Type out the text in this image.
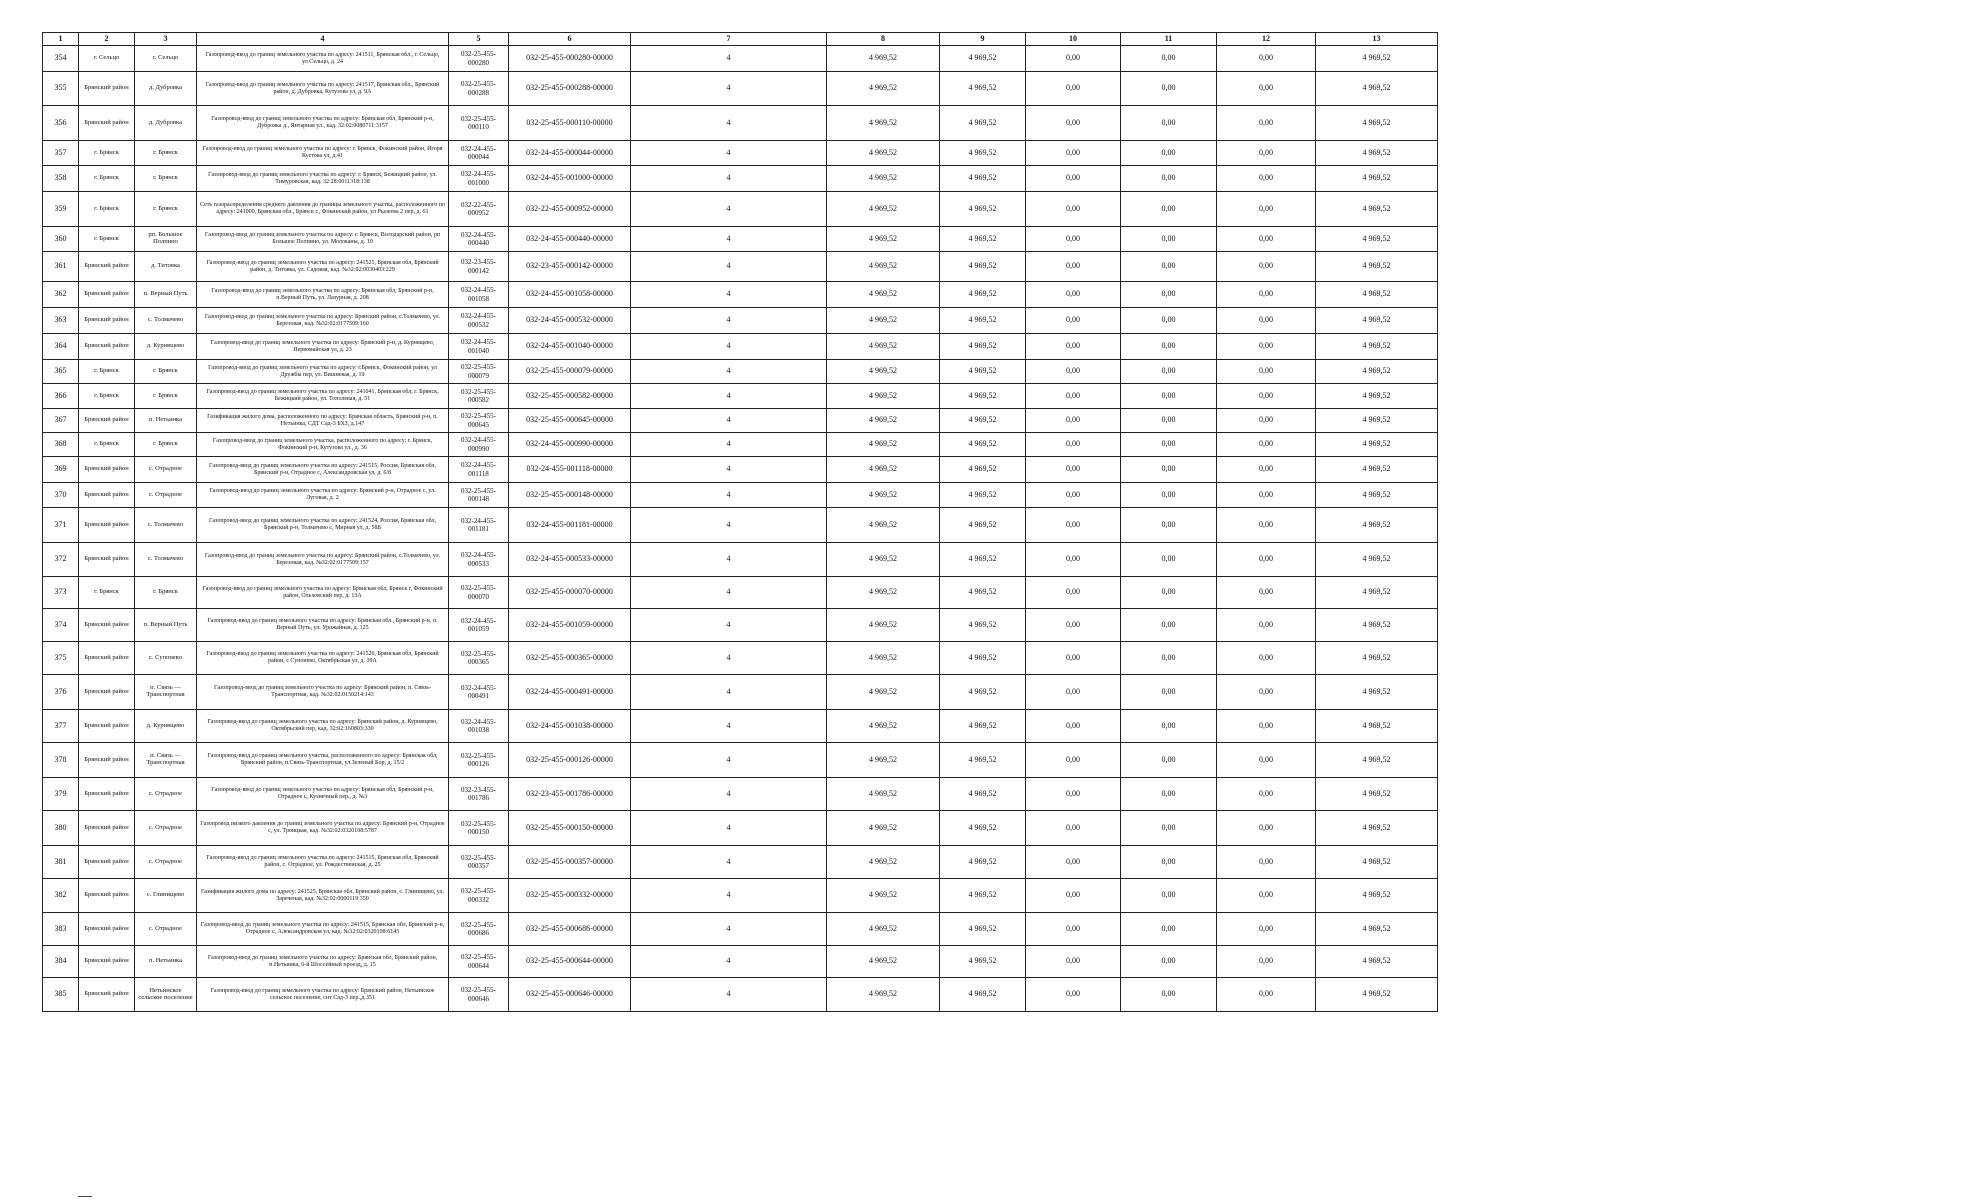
1	2	3	4	5	6	7	8	9	10	11	12	13
354	г. Сельцо	г. Сельцо	Газопровод-ввод до границ земельного участка по адресу: 241511, Брянская обл., г. Сельцо, ул.Сельцо, д. 24	032-25-455-000280	032-25-455-000280-00000	4	4 969,52	4 969,52	0,00	0,00	0,00	4 969,52
355	Брянский район	д. Дубровка	Газопровод-ввод до границ земельного участка по адресу: 241517, Брянская обл., Брянский район, д. Дубровка, Кутузова ул, д. 9А	032-25-455-000288	032-25-455-000288-00000	4	4 969,52	4 969,52	0,00	0,00	0,00	4 969,52
356	Брянский район	д. Дубровка	Газопровод-ввод до границ земельного участка по адресу: Брянская обл, Брянский р-н, Дубровка д., Янтарная ул., кад. 32:02:0080711:3157	032-25-455-000110	032-25-455-000110-00000	4	4 969,52	4 969,52	0,00	0,00	0,00	4 969,52
357	г. Брянск	г. Брянск	Газопровод-ввод до границ земельного участка по адресу: г. Брянск, Фокинский район, Игоря Кустова ул, д.41	032-24-455-000044	032-24-455-000044-00000	4	4 969,52	4 969,52	0,00	0,00	0,00	4 969,52
358	г. Брянск	г. Брянск	Газопровод-ввод до границ земельного участка по адресу: г. Брянск, Бежицкий район, ул. Тимуровская, кад. 32:28:0011318:138	032-24-455-001000	032-24-455-001000-00000	4	4 969,52	4 969,52	0,00	0,00	0,00	4 969,52
359	г. Брянск	г. Брянск	Сеть газораспределения среднего давления до границы земельного участка, расположенного по адресу: 241000, Брянская обл., Брянск г., Фокинский район, ул Рылеева 2 пер, д. 61	032-22-455-000952	032-22-455-000952-00000	4	4 969,52	4 969,52	0,00	0,00	0,00	4 969,52
360	г. Брянск	рп. Большое Полпино	Газопровод-ввод до границ земельного участка по адресу: г. Брянск, Володарский район, рп Большое Полпино, ул. Молоканы, д. 10	032-24-455-000440	032-24-455-000440-00000	4	4 969,52	4 969,52	0,00	0,00	0,00	4 969,52
361	Брянский район	д. Титовка	Газопровод-ввод до границ земельного участка по адресу: 241521, Брянская обл, Брянский район, д. Титовка, ул. Садовая, кад. №32:02:0030403:229	032-23-455-000142	032-23-455-000142-00000	4	4 969,52	4 969,52	0,00	0,00	0,00	4 969,52
362	Брянский район	п. Верный Путь	Газопровод-ввод до границ земельного участка по адресу: Брянская обл, Брянский р-н, п.Верный Путь, ул. Лазурная, д. 208	032-24-455-001058	032-24-455-001058-00000	4	4 969,52	4 969,52	0,00	0,00	0,00	4 969,52
363	Брянский район	с. Толмачево	Газопровод-ввод до границ земельного участка по адресу: Брянский район, с.Толмачево, ул. Березовая, кад. №32:02:0177509:160	032-24-455-000532	032-24-455-000532-00000	4	4 969,52	4 969,52	0,00	0,00	0,00	4 969,52
364	Брянский район	д. Курнвщево	Газопровод-ввод до границ земельного участка по адресу: Брянский р-н, д. Курнвщево, Первомайская ул, д. 23	032-24-455-001040	032-24-455-001040-00000	4	4 969,52	4 969,52	0,00	0,00	0,00	4 969,52
365	г. Брянск	г. Брянск	Газопровод-ввод до границ земельного участка по адресу: г.Брянск, Фокинский район, ул Дружбы пер, ул. Вишневая, д. 19	032-25-455-000079	032-25-455-000079-00000	4	4 969,52	4 969,52	0,00	0,00	0,00	4 969,52
366	г. Брянск	г. Брянск	Газопровод-ввод до границ земельного участка по адресу: 241041, Брянская обл, г. Брянск, Бежицкий район, ул. Тополевая, д. 51	032-25-455-000582	032-25-455-000582-00000	4	4 969,52	4 969,52	0,00	0,00	0,00	4 969,52
367	Брянский район	п. Нетьинка	Газификация жилого дома, расположенного по адресу: Брянская область, Брянский р-н, п. Нетьинка, СДТ Сад-3 БХЗ, д.147	032-25-455-000645	032-25-455-000645-00000	4	4 969,52	4 969,52	0,00	0,00	0,00	4 969,52
368	г. Брянск	г. Брянск	Газопровод-ввод до границ земельного участка, расположенного по адресу: г. Брянск, Фокинский р-н, Кутузова ул., д. 36	032-24-455-000990	032-24-455-000990-00000	4	4 969,52	4 969,52	0,00	0,00	0,00	4 969,52
369	Брянский район	с. Отрадное	Газопровод-ввод до границ земельного участка по адресу: 241515, Россия, Брянская обл, Брянский р-н, Отрадное с, Александровская ул, д. 6/8	032-24-455-001118	032-24-455-001118-00000	4	4 969,52	4 969,52	0,00	0,00	0,00	4 969,52
370	Брянский район	с. Отрадное	Газопровод-ввод до границ земельного участка по адресу: Брянский р-н, Отрадное с, ул. Луговая, д. 2	032-25-455-000148	032-25-455-000148-00000	4	4 969,52	4 969,52	0,00	0,00	0,00	4 969,52
371	Брянский район	с. Толмачево	Газопровод-ввод до границ земельного участка по адресу: 241524, Россия, Брянская обл, Брянский р-н, Толмачево с, Мирная ул, д. 58Б	032-24-455-001181	032-24-455-001181-00000	4	4 969,52	4 969,52	0,00	0,00	0,00	4 969,52
372	Брянский район	с. Толмачево	Газопровод-ввод до границ земельного участка по адресу: Брянский район, с.Толмачево, ул. Березовая, кад. №32:02:0177509:157	032-24-455-000533	032-24-455-000533-00000	4	4 969,52	4 969,52	0,00	0,00	0,00	4 969,52
373	г. Брянск	г. Брянск	Газопровод-ввод до границ земельного участка по адресу: Брянская обл, Брянск г, Фокинский район, Ольховский пер, д. 13А	032-25-455-000070	032-25-455-000070-00000	4	4 969,52	4 969,52	0,00	0,00	0,00	4 969,52
374	Брянский район	п. Верный Путь	Газопровод-ввод до границ земельного участка по адресу: Брянская обл., Брянский р-н, п. Верный Путь, ул. Урожайная, д. 125	032-24-455-001059	032-24-455-001059-00000	4	4 969,52	4 969,52	0,00	0,00	0,00	4 969,52
375	Брянский район	с. Супонево	Газопровод-ввод до границ земельного участка по адресу: 241520, Брянская обл, Брянский район, с Супонево, Октябрьская ул, д. 39А	032-25-455-000365	032-25-455-000365-00000	4	4 969,52	4 969,52	0,00	0,00	0,00	4 969,52
376	Брянский район	п. Связь — Транспортная	Газопровод-ввод до границ земельного участка по адресу: Брянский район, п. Связь-Транспортная, кад. №32:02:0150214:143	032-24-455-000491	032-24-455-000491-00000	4	4 969,52	4 969,52	0,00	0,00	0,00	4 969,52
377	Брянский район	д. Курнвщево	Газопровод-ввод до границ земельного участка по адресу: Брянский район, д. Курнвщево, Октябрьский пер, кад. 32:02:160803:330	032-24-455-001038	032-24-455-001038-00000	4	4 969,52	4 969,52	0,00	0,00	0,00	4 969,52
378	Брянский район	п. Связь — Транспортная	Газопровод-ввод до границ земельного участка, расположенного по адресу: Брянская обл, Брянский район, п.Связь-Транспортная, ул.Зеленый Бор, д. 15/2	032-25-455-000126	032-25-455-000126-00000	4	4 969,52	4 969,52	0,00	0,00	0,00	4 969,52
379	Брянский район	с. Отрадное	Газопровод-ввод до границ земельного участка по адресу: Брянская обл, Брянский р-н, Отрадное с, Кузнечный пер., д. №3	032-23-455-001786	032-23-455-001786-00000	4	4 969,52	4 969,52	0,00	0,00	0,00	4 969,52
380	Брянский район	с. Отрадное	Газопровод низкого давления до границ земельного участка по адресу: Брянский р-н, Отрадное с, ул. Троицкая, кад. №32:02:0320108:5787	032-25-455-000150	032-25-455-000150-00000	4	4 969,52	4 969,52	0,00	0,00	0,00	4 969,52
381	Брянский район	с. Отрадное	Газопровод-ввод до границ земельного участка по адресу: 241515, Брянская обл, Брянский район, с. Отрадное, ул. Рождественская, д. 25	032-25-455-000357	032-25-455-000357-00000	4	4 969,52	4 969,52	0,00	0,00	0,00	4 969,52
382	Брянский район	с. Глинищево	Газификация жилого дома по адресу: 241525, Брянская обл, Брянский район, с. Глинищево, ул. Зареченая, кад. №32:02:0000119:350	032-25-455-000332	032-25-455-000332-00000	4	4 969,52	4 969,52	0,00	0,00	0,00	4 969,52
383	Брянский район	с. Отрадное	Газопровод-ввод до границ земельного участка по адресу: 241515, Брянская обл, Брянский р-н, Отрадное с, Александровская ул, кад. №32:02:0320108:6145	032-25-455-000686	032-25-455-000686-00000	4	4 969,52	4 969,52	0,00	0,00	0,00	4 969,52
384	Брянский район	п. Нетьинка	Газопровод-ввод до границ земельного участка по адресу: Брянская обл, Брянский район, п.Нетьинка, 6-й Шоссейный проезд, д. 15	032-25-455-000644	032-25-455-000644-00000	4	4 969,52	4 969,52	0,00	0,00	0,00	4 969,52
385	Брянский район	Нетьинское сельское поселение	Газопровод-ввод до границ земельного участка по адресу: Брянский район, Нетьинское сельское поселение, снт Сад-3 пер.,д.351	032-25-455-000646	032-25-455-000646-00000	4	4 969,52	4 969,52	0,00	0,00	0,00	4 969,52
